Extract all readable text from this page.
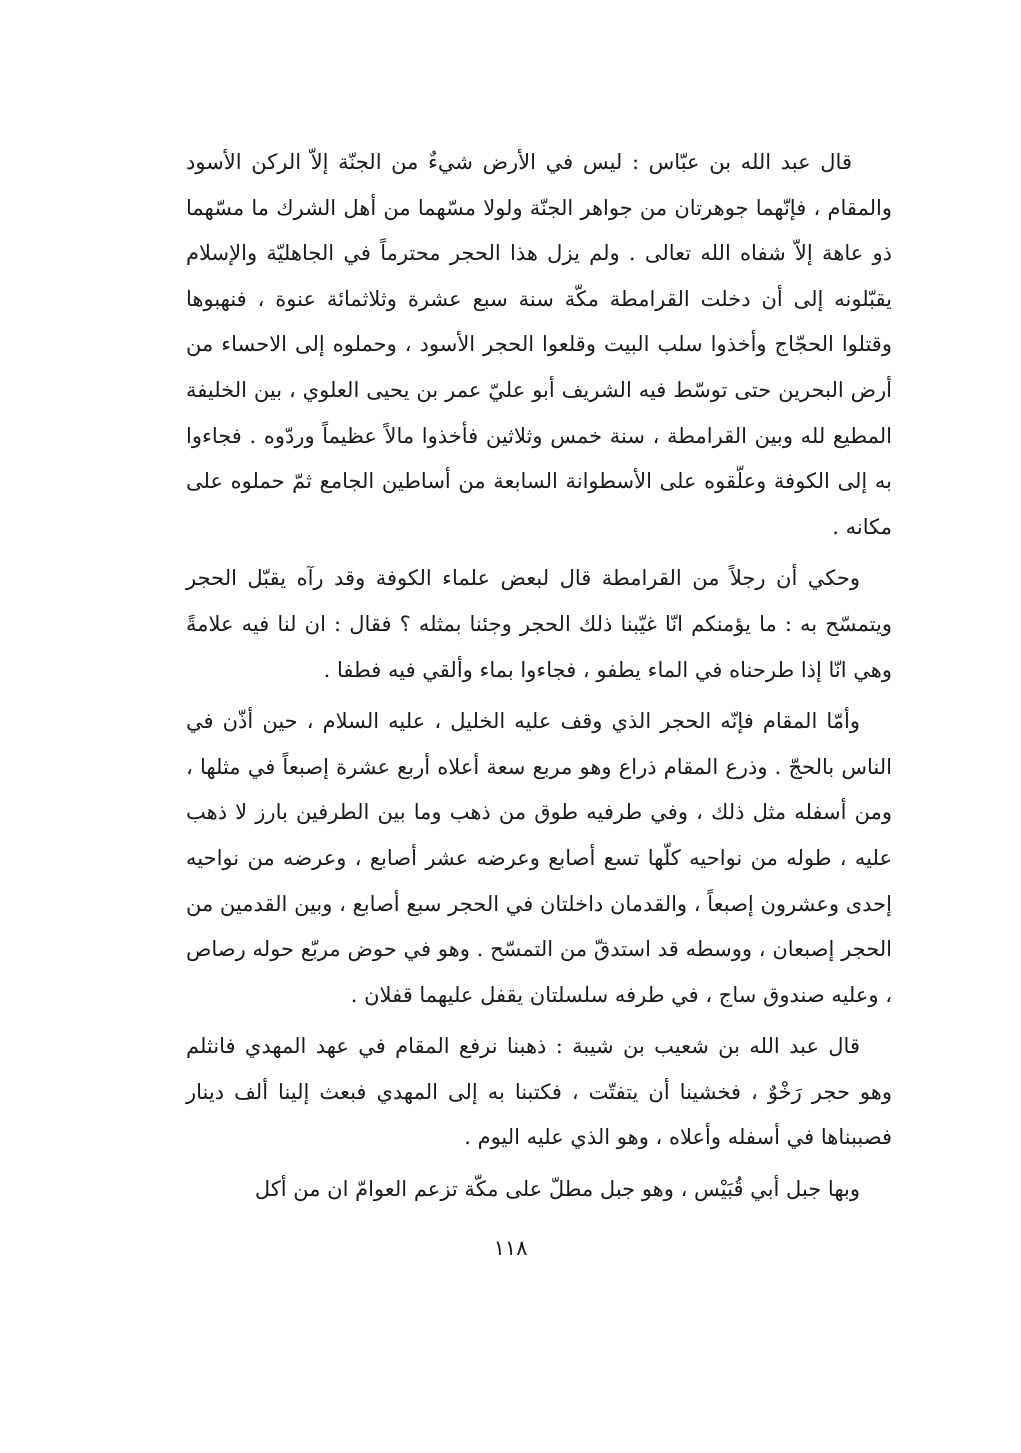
قال عبد الله بن عبّاس : ليس في الأرض شيءٌ من الجنّة إلاّ الركن الأسود والمقام ، فإنّهما جوهرتان من جواهر الجنّة ولولا مسّهما من أهل الشرك ما مسّهما ذو عاهة إلاّ شفاه الله تعالى . ولم يزل هذا الحجر محترماً في الجاهليّة والإسلام يقبّلونه إلى أن دخلت القرامطة مكّة سنة سبع عشرة وثلاثمائة عنوة ، فنهبوها وقتلوا الحجّاج وأخذوا سلب البيت وقلعوا الحجر الأسود ، وحملوه إلى الاحساء من أرض البحرين حتى توسّط فيه الشريف أبو عليّ عمر بن يحيى العلوي ، بين الخليفة المطيع لله وبين القرامطة ، سنة خمس وثلاثين فأخذوا مالاً عظيماً وردّوه . فجاءوا به إلى الكوفة وعلّقوه على الأسطوانة السابعة من أساطين الجامع ثمّ حملوه على مكانه .

وحكي أن رجلاً من القرامطة قال لبعض علماء الكوفة وقد رآه يقبّل الحجر ويتمسّح به : ما يؤمنكم انّا غيّبنا ذلك الحجر وجئنا بمثله ؟ فقال : ان لنا فيه علامةً وهي انّا إذا طرحناه في الماء يطفو ، فجاءوا بماء وألقي فيه فطفا .

وأمّا المقام فإنّه الحجر الذي وقف عليه الخليل ، عليه السلام ، حين أذّن في الناس بالحجّ . وذرع المقام ذراع وهو مربع سعة أعلاه أربع عشرة إصبعاً في مثلها ، ومن أسفله مثل ذلك ، وفي طرفيه طوق من ذهب وما بين الطرفين بارز لا ذهب عليه ، طوله من نواحيه كلّها تسع أصابع وعرضه عشر أصابع ، وعرضه من نواحيه إحدى وعشرون إصبعاً ، والقدمان داخلتان في الحجر سبع أصابع ، وبين القدمين من الحجر إصبعان ، ووسطه قد استدقّ من التمسّح . وهو في حوض مربّع حوله رصاص ، وعليه صندوق ساج ، في طرفه سلسلتان يقفل عليهما قفلان .

قال عبد الله بن شعيب بن شيبة : ذهبنا نرفع المقام في عهد المهدي فانثلم وهو حجر رَخْوٌ ، فخشينا أن يتفتّت ، فكتبنا به إلى المهدي فبعث إلينا ألف دينار فصببناها في أسفله وأعلاه ، وهو الذي عليه اليوم .

وبها جبل أبي قُبَيْس ، وهو جبل مطلّ على مكّة تزعم العوامّ ان من أكل

١١٨
